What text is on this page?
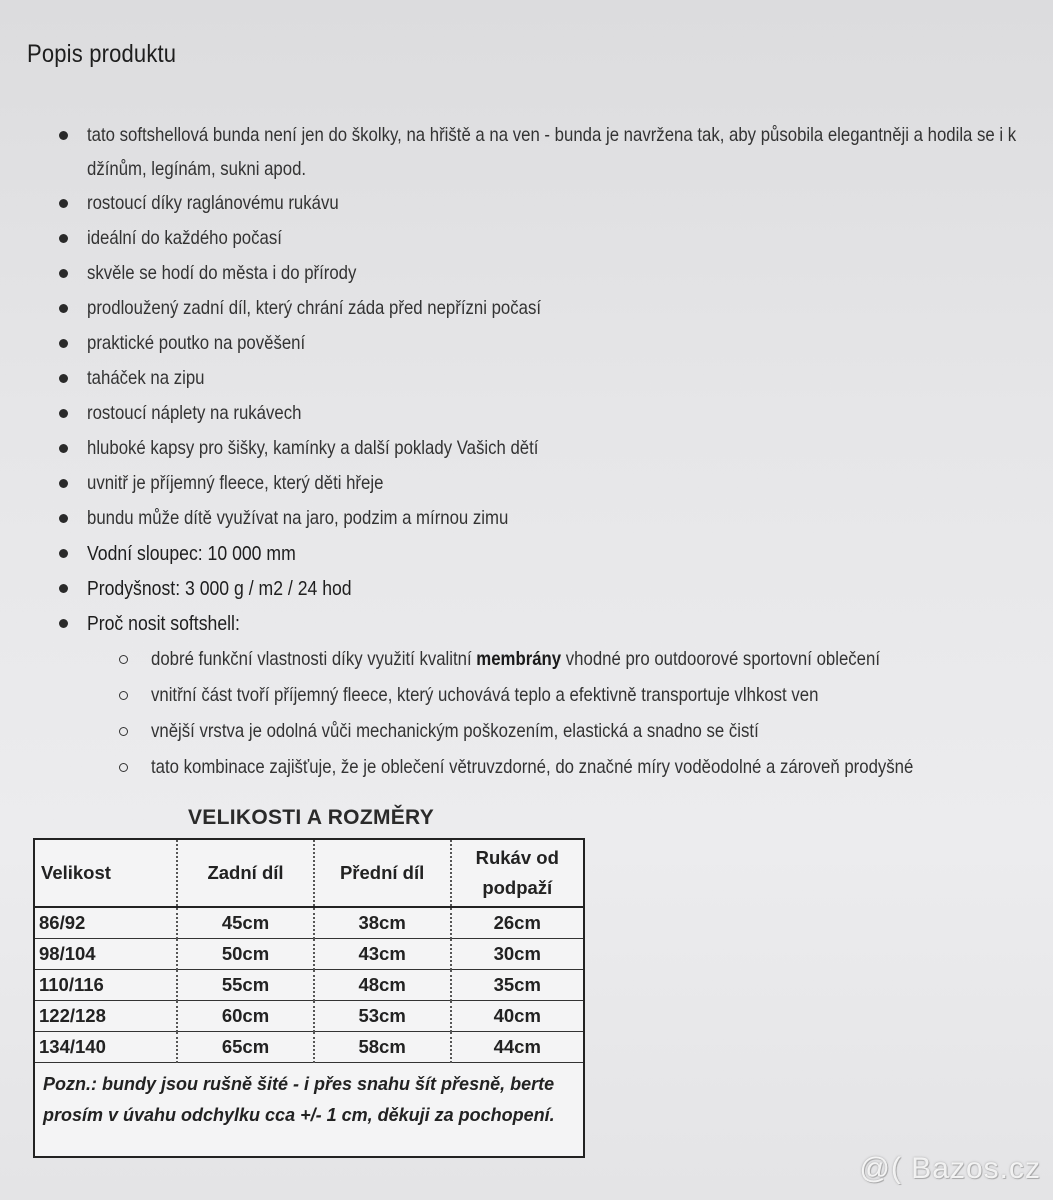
Popis produktu
tato softshellová bunda není jen do školky, na hřiště a na ven - bunda je navržena tak, aby působila elegantněji a hodila se i k džínům, legínám, sukni apod.
rostoucí díky raglánovému rukávu
ideální do každého počasí
skvěle se hodí do města i do přírody
prodloužený zadní díl, který chrání záda před nepřízni počasí
praktické poutko na pověšení
taháček na zipu
rostoucí náplety na rukávech
hluboké kapsy pro šišky, kamínky a další poklady Vašich dětí
uvnitř je příjemný fleece, který děti hřeje
bundu může dítě využívat na jaro, podzim a mírnou zimu
Vodní sloupec: 10 000 mm
Prodyšnost: 3 000 g / m2 / 24 hod
Proč nosit softshell:
dobré funkční vlastnosti díky využití kvalitní membrány vhodné pro outdoorové sportovní oblečení
vnitřní část tvoří příjemný fleece, který uchovává teplo a efektivně transportuje vlhkost ven
vnější vrstva je odolná vůči mechanickým poškozením, elastická a snadno se čistí
tato kombinace zajišťuje, že je oblečení větruvzdorné, do značné míry voděodolné a zároveň prodyšné
VELIKOSTI A ROZMĚRY
Velikost	Zadní díl	Přední díl	Rukáv od podpaží
86/92	45cm	38cm	26cm
98/104	50cm	43cm	30cm
110/116	55cm	48cm	35cm
122/128	60cm	53cm	40cm
134/140	65cm	58cm	44cm
Pozn.: bundy jsou rušně šité - i přes snahu šít přesně, berte prosím v úvahu odchylku cca +/- 1 cm, děkuji za pochopení.
@( Bazos.cz
